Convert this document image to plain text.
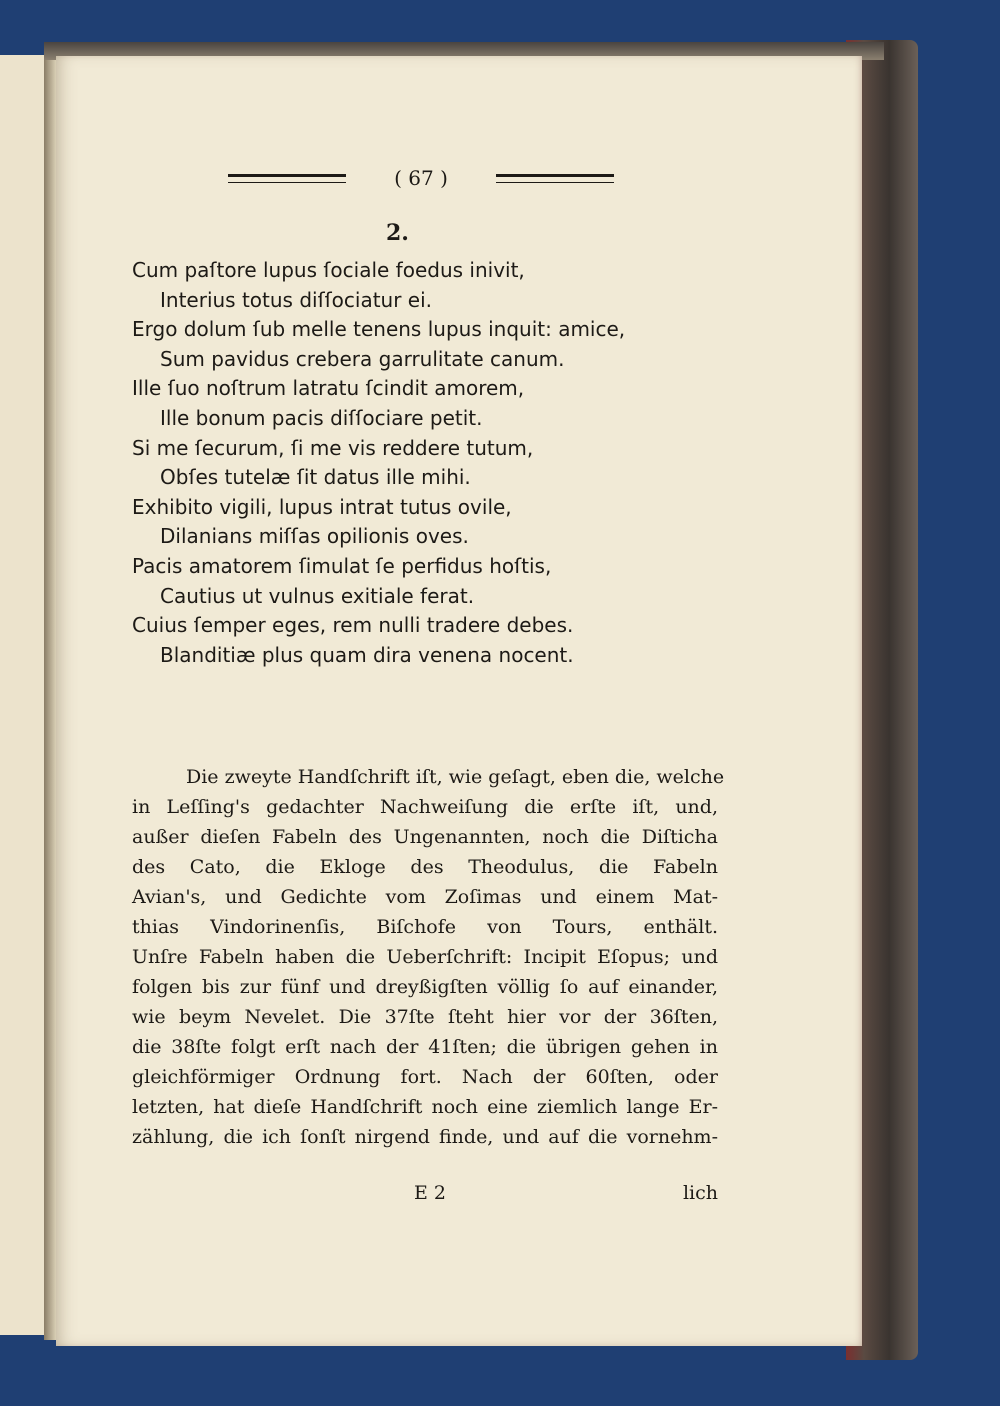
( 67 )
2.
Cum paſtore lupus ſociale foedus inivit,
Interius totus diſſociatur ei.
Ergo dolum ſub melle tenens lupus inquit: amice,
Sum pavidus crebera garrulitate canum.
Ille ſuo noſtrum latratu ſcindit amorem,
Ille bonum pacis diſſociare petit.
Si me ſecurum, ſi me vis reddere tutum,
Obſes tutelæ ſit datus ille mihi.
Exhibito vigili, lupus intrat tutus ovile,
Dilanians miſſas opilionis oves.
Pacis amatorem ſimulat ſe perfidus hoſtis,
Cautius ut vulnus exitiale ferat.
Cuius ſemper eges, rem nulli tradere debes.
Blanditiæ plus quam dira venena nocent.
Die zweyte Handſchrift iſt, wie geſagt, eben die, welche
in Leſſing's gedachter Nachweiſung die erſte iſt, und,
außer dieſen Fabeln des Ungenannten, noch die Diſticha
des Cato, die Ekloge des Theodulus, die Fabeln
Avian's, und Gedichte vom Zoſimas und einem Mat-
thias Vindorinenſis, Biſchofe von Tours, enthält.
Unſre Fabeln haben die Ueberſchrift: Incipit Eſopus; und
folgen bis zur fünf und dreyßigſten völlig ſo auf einander,
wie beym Nevelet. Die 37ſte ſteht hier vor der 36ſten,
die 38ſte folgt erſt nach der 41ſten; die übrigen gehen in
gleichförmiger Ordnung fort. Nach der 60ſten, oder
letzten, hat dieſe Handſchrift noch eine ziemlich lange Er-
zählung, die ich ſonſt nirgend finde, und auf die vornehm-
E 2	lich
